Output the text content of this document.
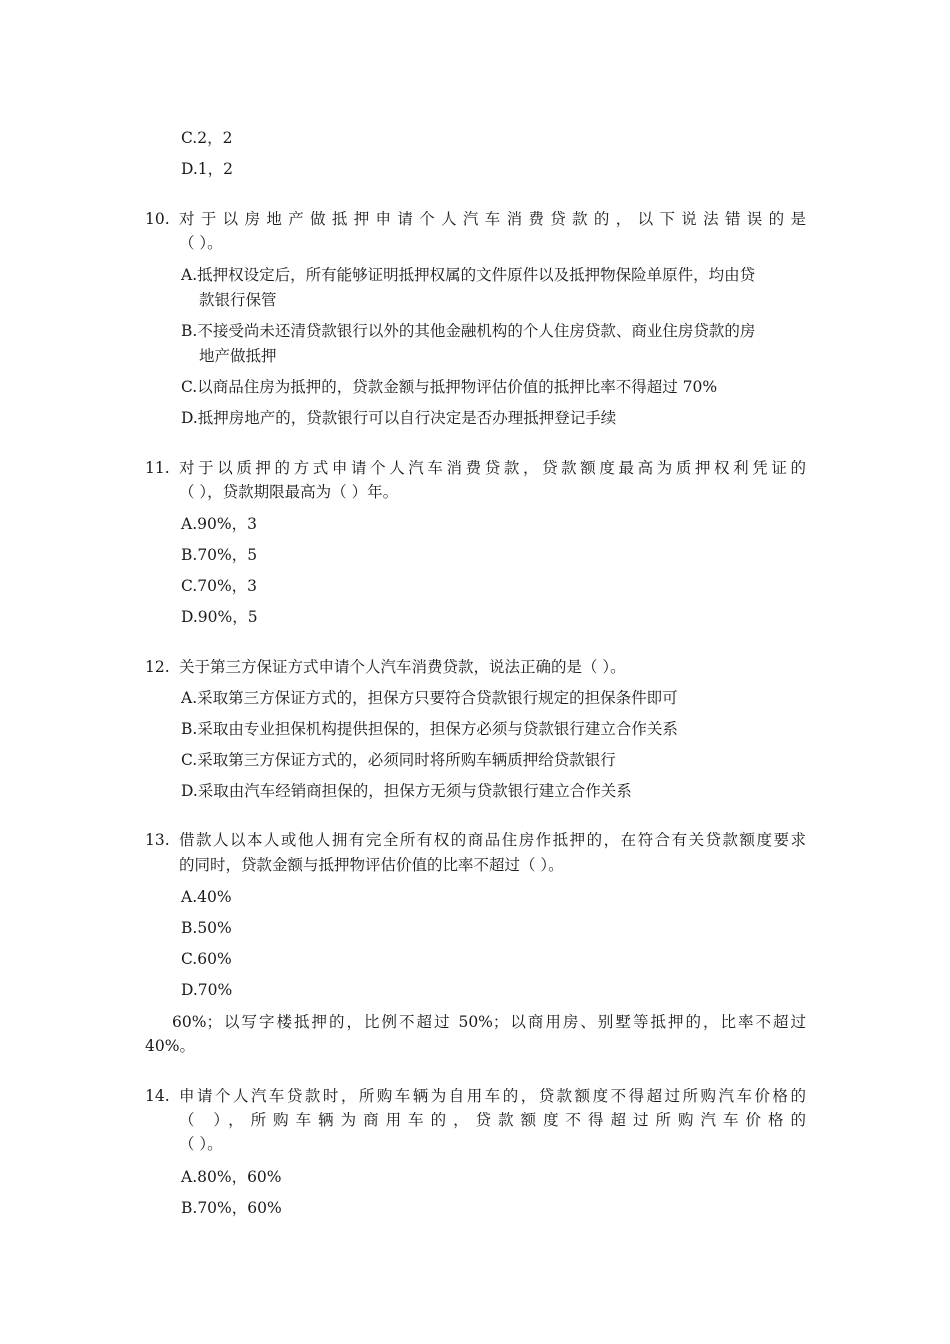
C.2，2
D.1，2
10. 对于以房地产做抵押申请个人汽车消费贷款的，以下说法错误的是
（ ）。
A.抵押权设定后，所有能够证明抵押权属的文件原件以及抵押物保险单原件，均由贷
款银行保管
B.不接受尚未还清贷款银行以外的其他金融机构的个人住房贷款、商业住房贷款的房
地产做抵押
C.以商品住房为抵押的，贷款金额与抵押物评估价值的抵押比率不得超过 70%
D.抵押房地产的，贷款银行可以自行决定是否办理抵押登记手续
11. 对于以质押的方式申请个人汽车消费贷款，贷款额度最高为质押权利凭证的
（ ），贷款期限最高为（ ）年。
A.90%，3
B.70%，5
C.70%，3
D.90%，5
12. 关于第三方保证方式申请个人汽车消费贷款，说法正确的是（ ）。
A.采取第三方保证方式的，担保方只要符合贷款银行规定的担保条件即可
B.采取由专业担保机构提供担保的，担保方必须与贷款银行建立合作关系
C.采取第三方保证方式的，必须同时将所购车辆质押给贷款银行
D.采取由汽车经销商担保的，担保方无须与贷款银行建立合作关系
13. 借款人以本人或他人拥有完全所有权的商品住房作抵押的，在符合有关贷款额度要求
的同时，贷款金额与抵押物评估价值的比率不超过（ ）。
A.40%
B.50%
C.60%
D.70%
60%；以写字楼抵押的，比例不超过 50%；以商用房、别墅等抵押的，比率不超过
40%。
14. 申请个人汽车贷款时，所购车辆为自用车的，贷款额度不得超过所购汽车价格的
（ ），所购车辆为商用车的，贷款额度不得超过所购汽车价格的
（ ）。
A.80%，60%
B.70%，60%
